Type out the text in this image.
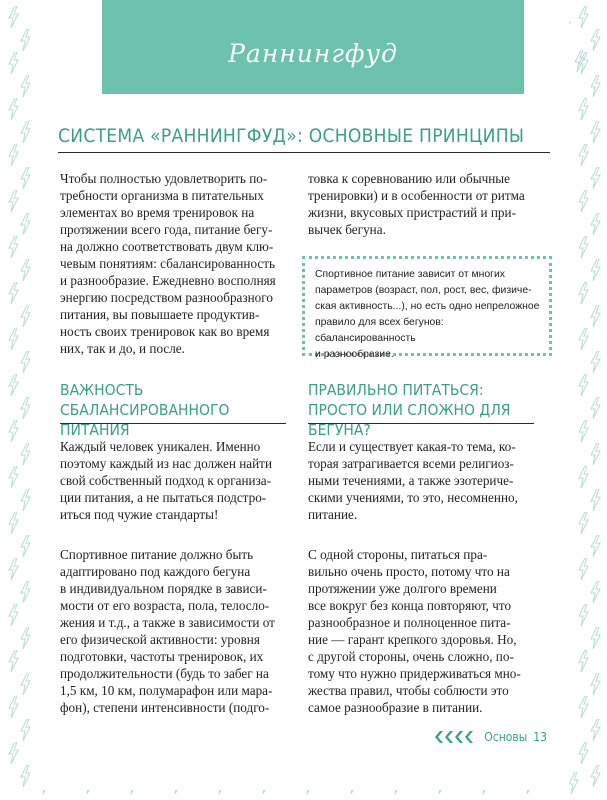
Раннингфуд
СИСТЕМА «РАННИНГФУД»: ОСНОВНЫЕ ПРИНЦИПЫ
Чтобы полностью удовлетворить по-
требности организма в питательных
элементах во время тренировок на
протяжении всего года, питание бегу-
на должно соответствовать двум клю-
чевым понятиям: сбалансированность
и разнообразие. Ежедневно восполняя
энергию посредством разнообразного
питания, вы повышаете продуктив-
ность своих тренировок как во время
них, так и до, и после.
товка к соревнованию или обычные
тренировки) и в особенности от ритма
жизни, вкусовых пристрастий и при-
вычек бегуна.
Спортивное питание зависит от многих
параметров (возраст, пол, рост, вес, физиче-
ская активность...), но есть одно непреложное
правило для всех бегунов: сбалансированность
и разнообразие.
ВАЖНОСТЬ
СБАЛАНСИРОВАННОГО ПИТАНИЯ
Каждый человек уникален. Именно
поэтому каждый из нас должен найти
свой собственный подход к организа-
ции питания, а не пытаться подстро-
иться под чужие стандарты!
Спортивное питание должно быть
адаптировано под каждого бегуна
в индивидуальном порядке в зависи-
мости от его возраста, пола, телосло-
жения и т.д., а также в зависимости от
его физической активности: уровня
подготовки, частоты тренировок, их
продолжительности (будь то забег на
1,5 км, 10 км, полумарафон или мара-
фон), степени интенсивности (подго-
ПРАВИЛЬНО ПИТАТЬСЯ:
ПРОСТО ИЛИ СЛОЖНО ДЛЯ БЕГУНА?
Если и существует какая-то тема, ко-
торая затрагивается всеми религиоз-
ными течениями, а также эзотериче-
скими учениями, то это, несомненно,
питание.
С одной стороны, питаться пра-
вильно очень просто, потому что на
протяжении уже долгого времени
все вокруг без конца повторяют, что
разнообразное и полноценное пита-
ние — гарант крепкого здоровья. Но,
с другой стороны, очень сложно, по-
тому что нужно придерживаться мно-
жества правил, чтобы соблюсти это
самое разнообразие в питании.
Основы 13
